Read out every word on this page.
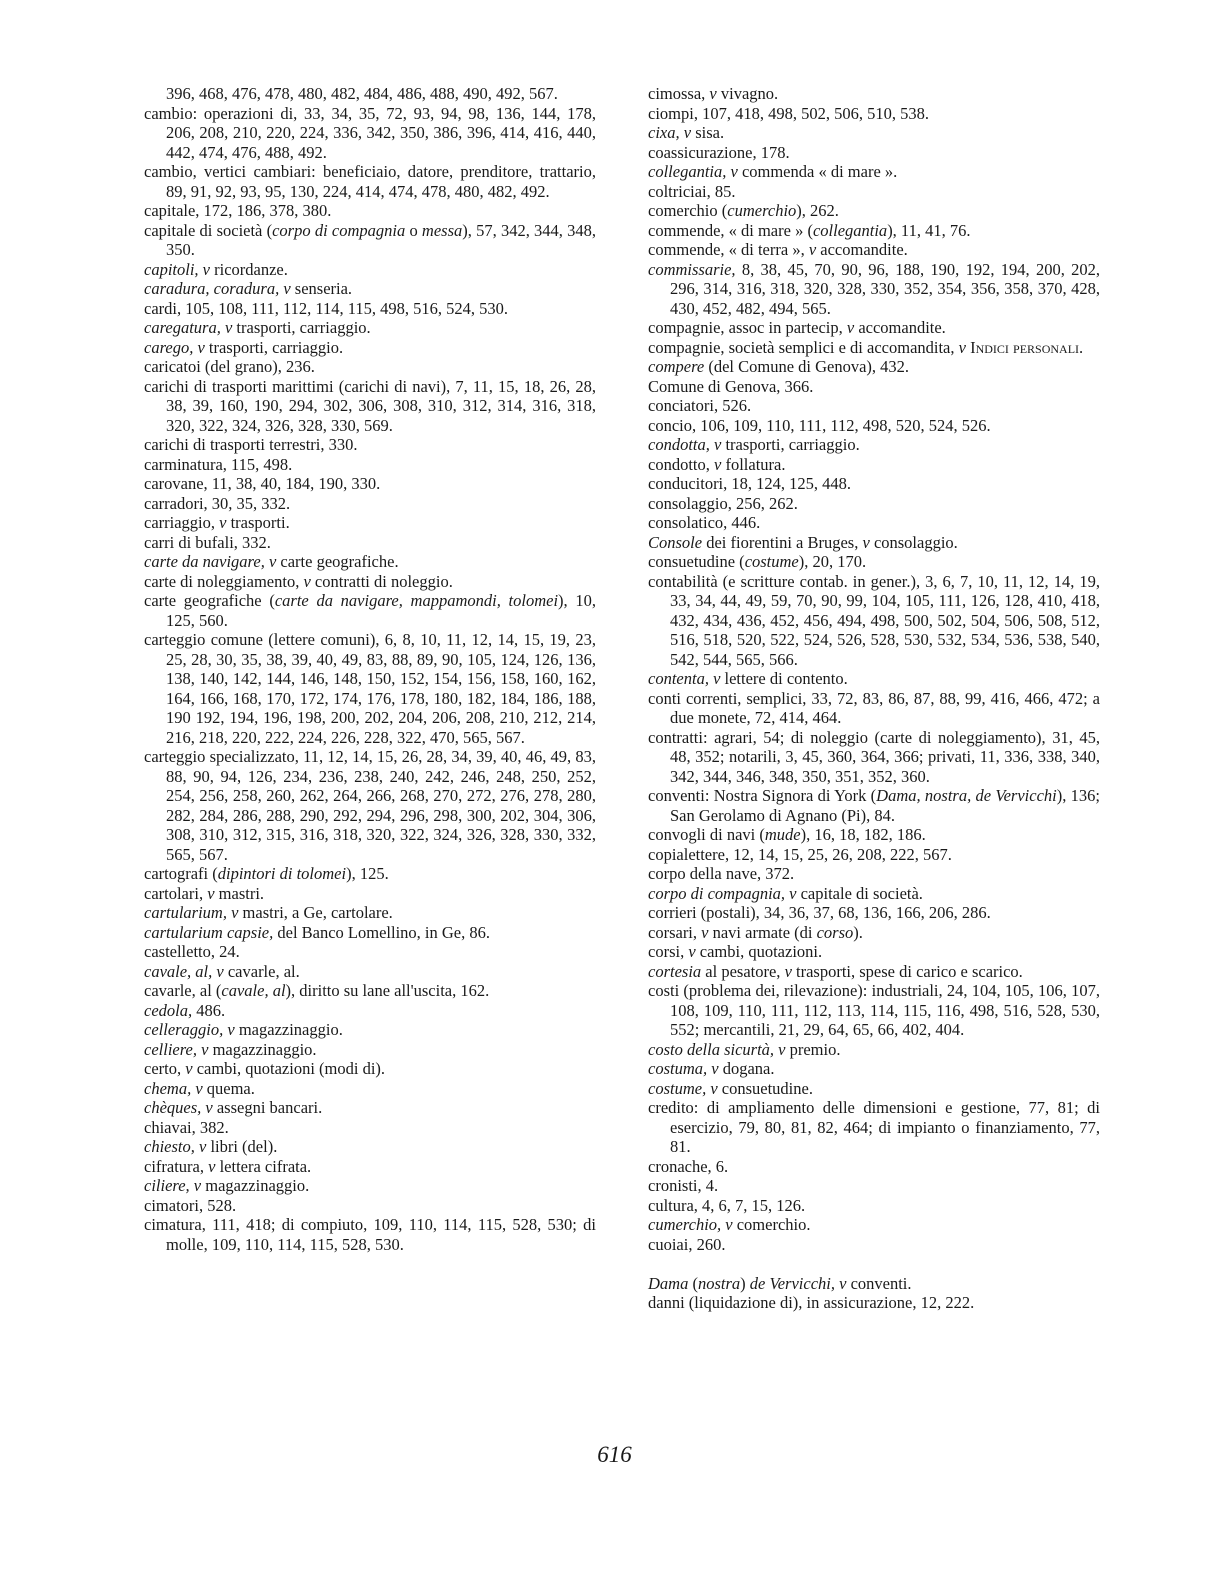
396, 468, 476, 478, 480, 482, 484, 486, 488, 490, 492, 567.

cambio: operazioni di, 33, 34, 35, 72, 93, 94, 98, 136, 144, 178, 206, 208, 210, 220, 224, 336, 342, 350, 386, 396, 414, 416, 440, 442, 474, 476, 488, 492.

cambio, vertici cambiari: beneficiaio, datore, prenditore, trattario, 89, 91, 92, 93, 95, 130, 224, 414, 474, 478, 480, 482, 492.

capitale, 172, 186, 378, 380.

capitale di società (corpo di compagnia o messa), 57, 342, 344, 348, 350.

capitoli, v ricordanze.

caradura, coradura, v senseria.

cardi, 105, 108, 111, 112, 114, 115, 498, 516, 524, 530.

caregatura, v trasporti, carriaggio.

carego, v trasporti, carriaggio.

caricatoi (del grano), 236.

carichi di trasporti marittimi (carichi di navi), 7, 11, 15, 18, 26, 28, 38, 39, 160, 190, 294, 302, 306, 308, 310, 312, 314, 316, 318, 320, 322, 324, 326, 328, 330, 569.

carichi di trasporti terrestri, 330.

carminatura, 115, 498.

carovane, 11, 38, 40, 184, 190, 330.

carradori, 30, 35, 332.

carriaggio, v trasporti.

carri di bufali, 332.

carte da navigare, v carte geografiche.

carte di noleggiamento, v contratti di noleggio.

carte geografiche (carte da navigare, mappamondi, tolomei), 10, 125, 560.

carteggio comune (lettere comuni), 6, 8, 10, 11, 12, 14, 15, 19, 23, 25, 28, 30, 35, 38, 39, 40, 49, 83, 88, 89, 90, 105, 124, 126, 136, 138, 140, 142, 144, 146, 148, 150, 152, 154, 156, 158, 160, 162, 164, 166, 168, 170, 172, 174, 176, 178, 180, 182, 184, 186, 188, 190 192, 194, 196, 198, 200, 202, 204, 206, 208, 210, 212, 214, 216, 218, 220, 222, 224, 226, 228, 322, 470, 565, 567.

carteggio specializzato, 11, 12, 14, 15, 26, 28, 34, 39, 40, 46, 49, 83, 88, 90, 94, 126, 234, 236, 238, 240, 242, 246, 248, 250, 252, 254, 256, 258, 260, 262, 264, 266, 268, 270, 272, 276, 278, 280, 282, 284, 286, 288, 290, 292, 294, 296, 298, 300, 202, 304, 306, 308, 310, 312, 315, 316, 318, 320, 322, 324, 326, 328, 330, 332, 565, 567.

cartografi (dipintori di tolomei), 125.

cartolari, v mastri.

cartularium, v mastri, a Ge, cartolare.

cartularium capsie, del Banco Lomellino, in Ge, 86.

castelletto, 24.

cavale, al, v cavarle, al.

cavarle, al (cavale, al), diritto su lane all'uscita, 162.

cedola, 486.

celleraggio, v magazzinaggio.

celliere, v magazzinaggio.

certo, v cambi, quotazioni (modi di).

chema, v quema.

chèques, v assegni bancari.

chiavai, 382.

chiesto, v libri (del).

cifratura, v lettera cifrata.

ciliere, v magazzinaggio.

cimatori, 528.

cimatura, 111, 418; di compiuto, 109, 110, 114, 115, 528, 530; di molle, 109, 110, 114, 115, 528, 530.

cimossa, v vivagno.

ciompi, 107, 418, 498, 502, 506, 510, 538.

cixa, v sisa.

coassicurazione, 178.

collegantia, v commenda « di mare ».

coltriciai, 85.

comerchio (cumerchio), 262.

commende, « di mare » (collegantia), 11, 41, 76.

commende, « di terra », v accomandite.

commissarie, 8, 38, 45, 70, 90, 96, 188, 190, 192, 194, 200, 202, 296, 314, 316, 318, 320, 328, 330, 352, 354, 356, 358, 370, 428, 430, 452, 482, 494, 565.

compagnie, assoc in partecip, v accomandite.

compagnie, società semplici e di accomandita, v Indici personali.

compere (del Comune di Genova), 432.

Comune di Genova, 366.

conciatori, 526.

concio, 106, 109, 110, 111, 112, 498, 520, 524, 526.

condotta, v trasporti, carriaggio.

condotto, v follatura.

conducitori, 18, 124, 125, 448.

consolaggio, 256, 262.

consolatico, 446.

Console dei fiorentini a Bruges, v consolaggio.

consuetudine (costume), 20, 170.

contabilità (e scritture contab. in gener.), 3, 6, 7, 10, 11, 12, 14, 19, 33, 34, 44, 49, 59, 70, 90, 99, 104, 105, 111, 126, 128, 410, 418, 432, 434, 436, 452, 456, 494, 498, 500, 502, 504, 506, 508, 512, 516, 518, 520, 522, 524, 526, 528, 530, 532, 534, 536, 538, 540, 542, 544, 565, 566.

contenta, v lettere di contento.

conti correnti, semplici, 33, 72, 83, 86, 87, 88, 99, 416, 466, 472; a due monete, 72, 414, 464.

contratti: agrari, 54; di noleggio (carte di noleggiamento), 31, 45, 48, 352; notarili, 3, 45, 360, 364, 366; privati, 11, 336, 338, 340, 342, 344, 346, 348, 350, 351, 352, 360.

conventi: Nostra Signora di York (Dama, nostra, de Vervicchi), 136; San Gerolamo di Agnano (Pi), 84.

convogli di navi (mude), 16, 18, 182, 186.

copialettere, 12, 14, 15, 25, 26, 208, 222, 567.

corpo della nave, 372.

corpo di compagnia, v capitale di società.

corrieri (postali), 34, 36, 37, 68, 136, 166, 206, 286.

corsari, v navi armate (di corso).

corsi, v cambi, quotazioni.

cortesia al pesatore, v trasporti, spese di carico e scarico.

costi (problema dei, rilevazione): industriali, 24, 104, 105, 106, 107, 108, 109, 110, 111, 112, 113, 114, 115, 116, 498, 516, 528, 530, 552; mercantili, 21, 29, 64, 65, 66, 402, 404.

costo della sicurtà, v premio.

costuma, v dogana.

costume, v consuetudine.

credito: di ampliamento delle dimensioni e gestione, 77, 81; di esercizio, 79, 80, 81, 82, 464; di impianto o finanziamento, 77, 81.

cronache, 6.

cronisti, 4.

cultura, 4, 6, 7, 15, 126.

cumerchio, v comerchio.

cuoiai, 260.

Dama (nostra) de Vervicchi, v conventi.

danni (liquidazione di), in assicurazione, 12, 222.

616
